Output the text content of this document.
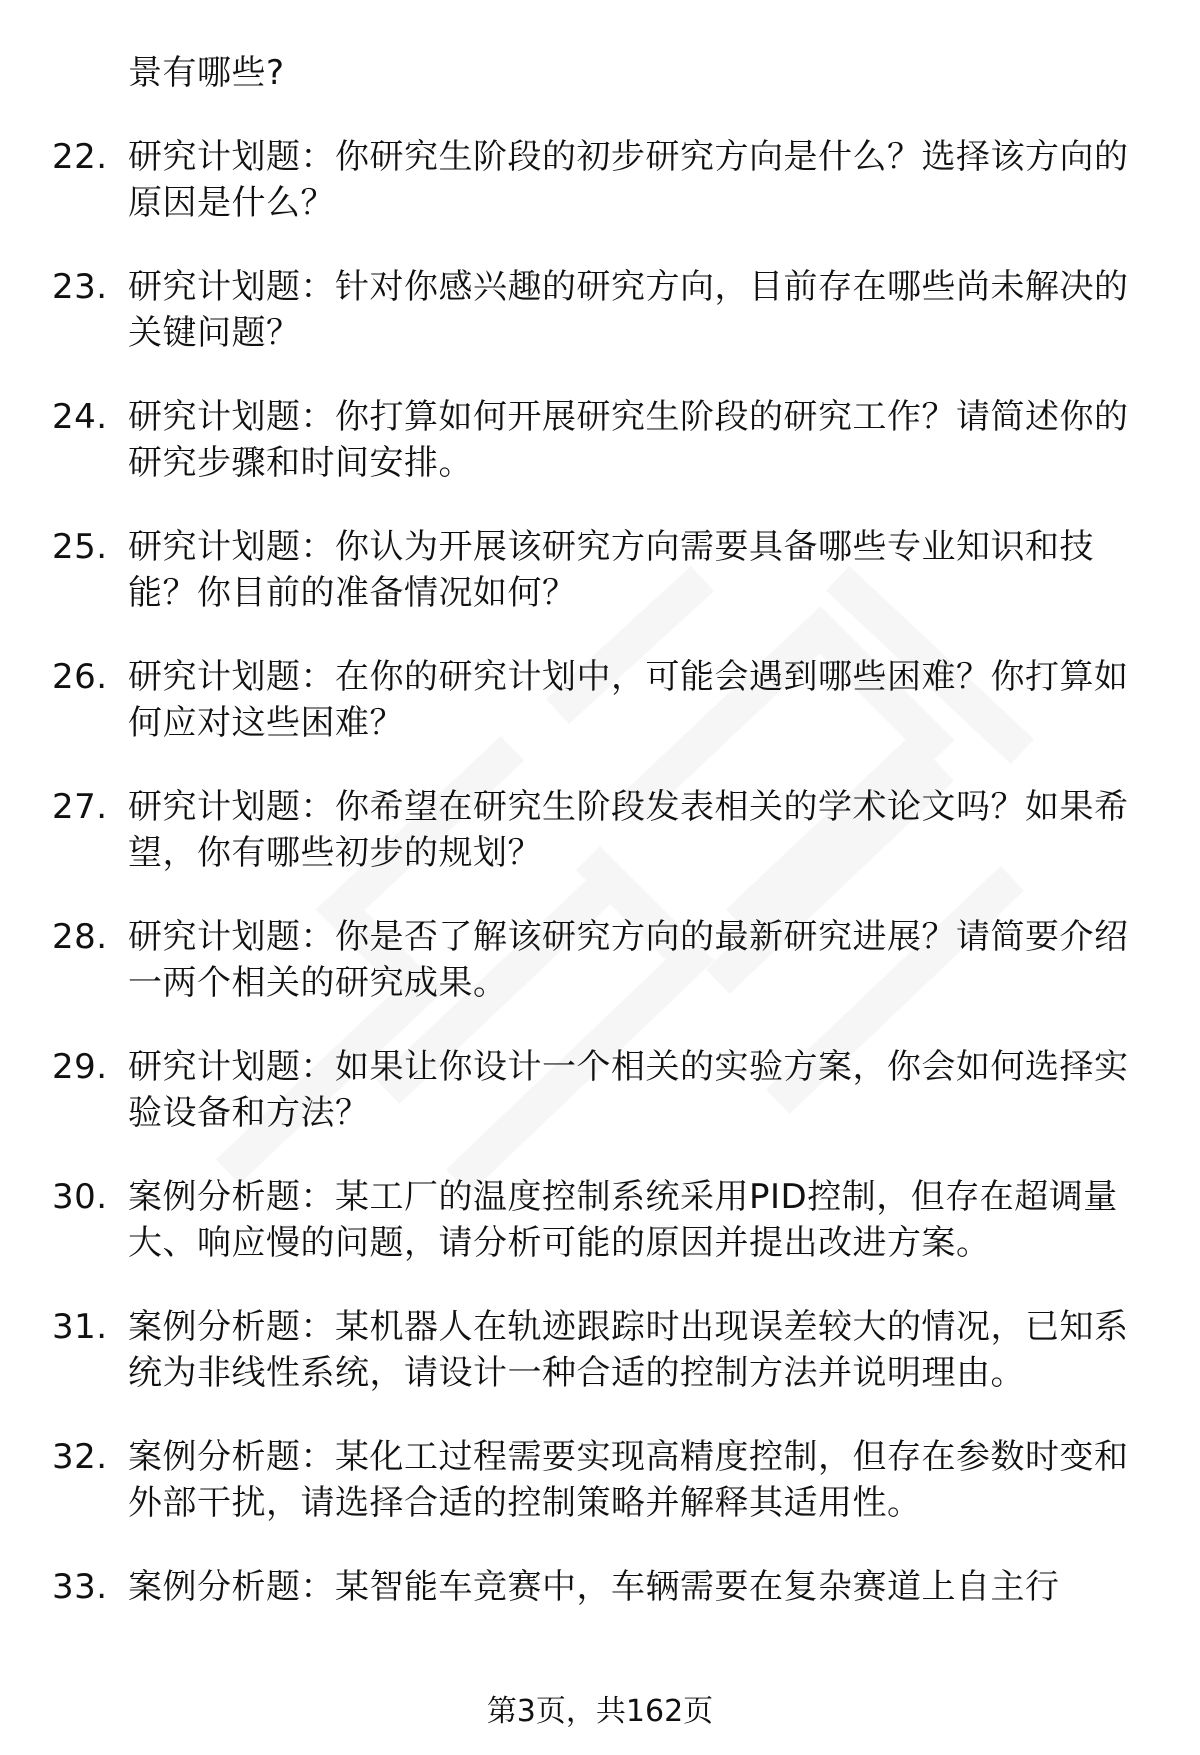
景有哪些?
22. 研究计划题：你研究生阶段的初步研究方向是什么？选择该方向的原因是什么？
23. 研究计划题：针对你感兴趣的研究方向，目前存在哪些尚未解决的关键问题？
24. 研究计划题：你打算如何开展研究生阶段的研究工作？请简述你的研究步骤和时间安排。
25. 研究计划题：你认为开展该研究方向需要具备哪些专业知识和技能？你目前的准备情况如何？
26. 研究计划题：在你的研究计划中，可能会遇到哪些困难？你打算如何应对这些困难？
27. 研究计划题：你希望在研究生阶段发表相关的学术论文吗？如果希望，你有哪些初步的规划？
28. 研究计划题：你是否了解该研究方向的最新研究进展？请简要介绍一两个相关的研究成果。
29. 研究计划题：如果让你设计一个相关的实验方案，你会如何选择实验设备和方法？
30. 案例分析题：某工厂的温度控制系统采用PID控制，但存在超调量大、响应慢的问题，请分析可能的原因并提出改进方案。
31. 案例分析题：某机器人在轨迹跟踪时出现误差较大的情况，已知系统为非线性系统，请设计一种合适的控制方法并说明理由。
32. 案例分析题：某化工过程需要实现高精度控制，但存在参数时变和外部干扰，请选择合适的控制策略并解释其适用性。
33. 案例分析题：某智能车竞赛中，车辆需要在复杂赛道上自主行
第3页，共162页
